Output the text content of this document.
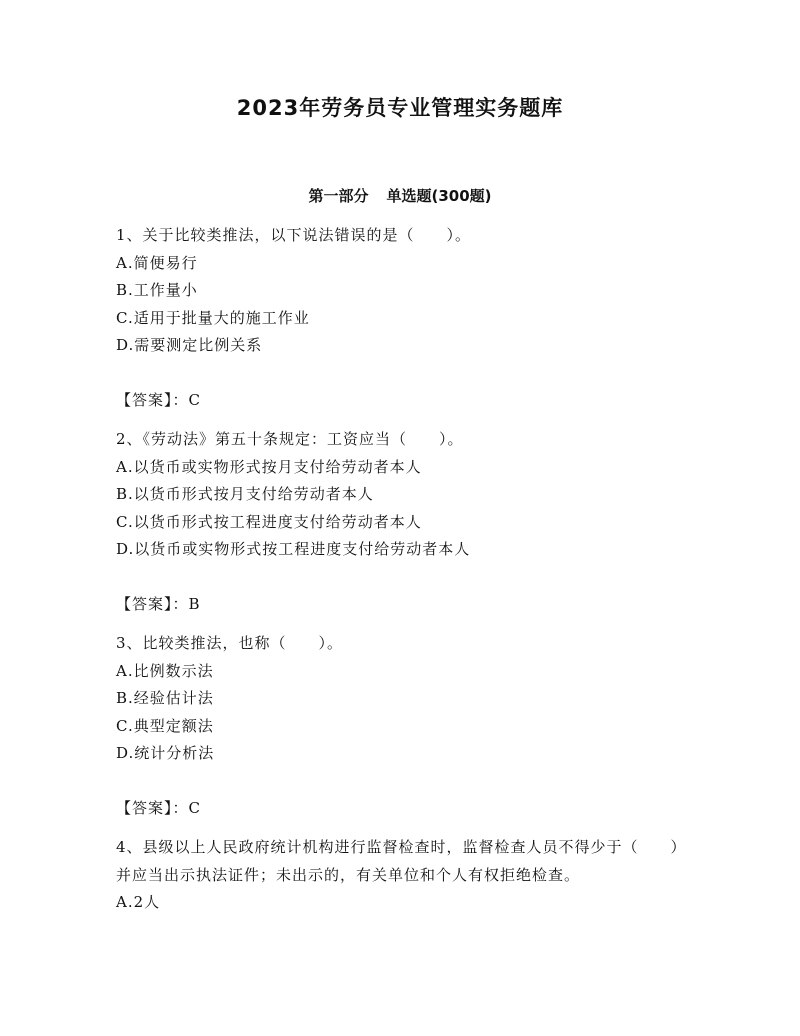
2023年劳务员专业管理实务题库
第一部分 单选题(300题)
1、关于比较类推法，以下说法错误的是（　　）。
A.简便易行
B.工作量小
C.适用于批量大的施工作业
D.需要测定比例关系
【答案】：C
2、《劳动法》第五十条规定：工资应当（　　）。
A.以货币或实物形式按月支付给劳动者本人
B.以货币形式按月支付给劳动者本人
C.以货币形式按工程进度支付给劳动者本人
D.以货币或实物形式按工程进度支付给劳动者本人
【答案】：B
3、比较类推法，也称（　　）。
A.比例数示法
B.经验估计法
C.典型定额法
D.统计分析法
【答案】：C
4、县级以上人民政府统计机构进行监督检查时，监督检查人员不得少于（　　）并应当出示执法证件；未出示的，有关单位和个人有权拒绝检查。
A.2人
